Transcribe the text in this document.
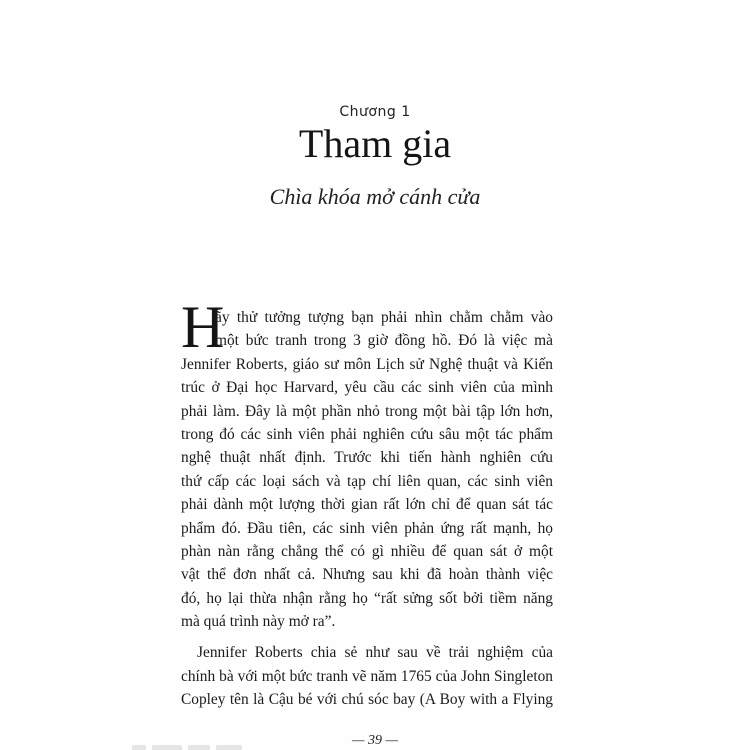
Chương 1
Tham gia
Chìa khóa mở cánh cửa
H
ãy thử tưởng tượng bạn phải nhìn chằm chằm vào
một bức tranh trong 3 giờ đồng hồ. Đó là việc mà
Jennifer Roberts, giáo sư môn Lịch sử Nghệ thuật và Kiến
trúc ở Đại học Harvard, yêu cầu các sinh viên của mình
phải làm. Đây là một phần nhỏ trong một bài tập lớn hơn,
trong đó các sinh viên phải nghiên cứu sâu một tác phẩm
nghệ thuật nhất định. Trước khi tiến hành nghiên cứu
thứ cấp các loại sách và tạp chí liên quan, các sinh viên
phải dành một lượng thời gian rất lớn chỉ để quan sát tác
phẩm đó. Đầu tiên, các sinh viên phản ứng rất mạnh, họ
phàn nàn rằng chẳng thể có gì nhiều để quan sát ở một
vật thể đơn nhất cả. Nhưng sau khi đã hoàn thành việc
đó, họ lại thừa nhận rằng họ “rất sửng sốt bởi tiềm năng
mà quá trình này mở ra”.
Jennifer Roberts chia sẻ như sau về trải nghiệm của
chính bà với một bức tranh vẽ năm 1765 của John Singleton
Copley tên là Cậu bé với chú sóc bay (A Boy with a Flying
— 39 —
